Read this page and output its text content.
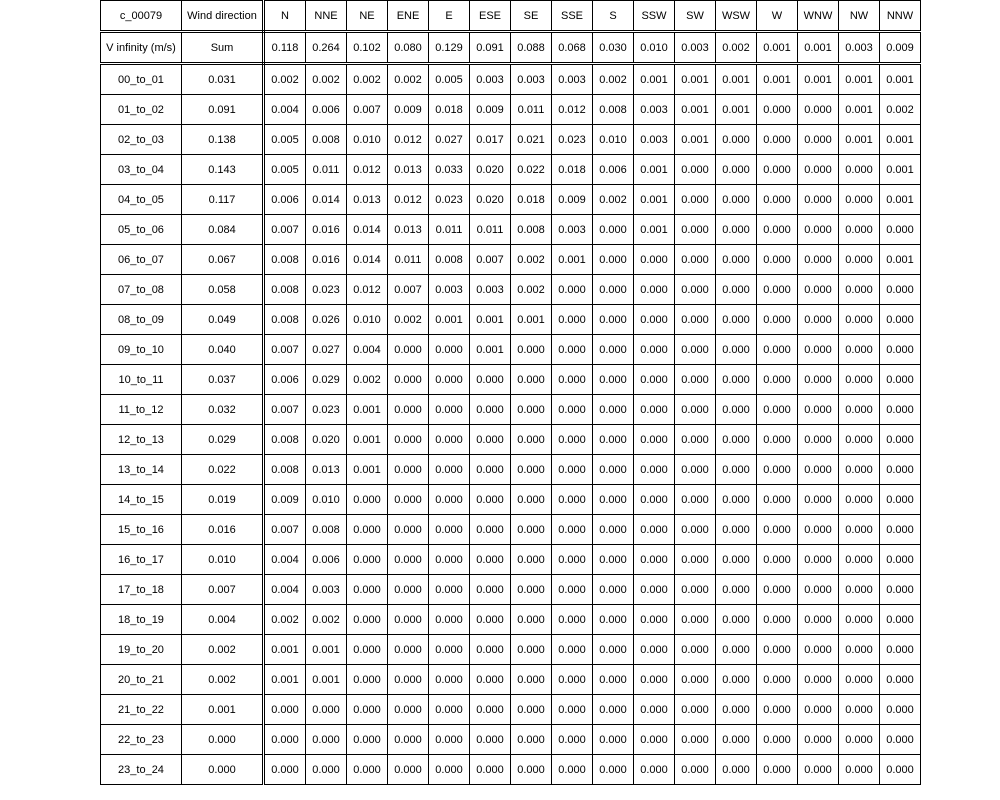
c_00079	Wind direction	N	NNE	NE	ENE	E	ESE	SE	SSE	S	SSW	SW	WSW	W	WNW	NW	NNW
V infinity (m/s)	Sum	0.118	0.264	0.102	0.080	0.129	0.091	0.088	0.068	0.030	0.010	0.003	0.002	0.001	0.001	0.003	0.009
00_to_01	0.031	0.002	0.002	0.002	0.002	0.005	0.003	0.003	0.003	0.002	0.001	0.001	0.001	0.001	0.001	0.001	0.001
01_to_02	0.091	0.004	0.006	0.007	0.009	0.018	0.009	0.011	0.012	0.008	0.003	0.001	0.001	0.000	0.000	0.001	0.002
02_to_03	0.138	0.005	0.008	0.010	0.012	0.027	0.017	0.021	0.023	0.010	0.003	0.001	0.000	0.000	0.000	0.001	0.001
03_to_04	0.143	0.005	0.011	0.012	0.013	0.033	0.020	0.022	0.018	0.006	0.001	0.000	0.000	0.000	0.000	0.000	0.001
04_to_05	0.117	0.006	0.014	0.013	0.012	0.023	0.020	0.018	0.009	0.002	0.001	0.000	0.000	0.000	0.000	0.000	0.001
05_to_06	0.084	0.007	0.016	0.014	0.013	0.011	0.011	0.008	0.003	0.000	0.001	0.000	0.000	0.000	0.000	0.000	0.000
06_to_07	0.067	0.008	0.016	0.014	0.011	0.008	0.007	0.002	0.001	0.000	0.000	0.000	0.000	0.000	0.000	0.000	0.001
07_to_08	0.058	0.008	0.023	0.012	0.007	0.003	0.003	0.002	0.000	0.000	0.000	0.000	0.000	0.000	0.000	0.000	0.000
08_to_09	0.049	0.008	0.026	0.010	0.002	0.001	0.001	0.001	0.000	0.000	0.000	0.000	0.000	0.000	0.000	0.000	0.000
09_to_10	0.040	0.007	0.027	0.004	0.000	0.000	0.001	0.000	0.000	0.000	0.000	0.000	0.000	0.000	0.000	0.000	0.000
10_to_11	0.037	0.006	0.029	0.002	0.000	0.000	0.000	0.000	0.000	0.000	0.000	0.000	0.000	0.000	0.000	0.000	0.000
11_to_12	0.032	0.007	0.023	0.001	0.000	0.000	0.000	0.000	0.000	0.000	0.000	0.000	0.000	0.000	0.000	0.000	0.000
12_to_13	0.029	0.008	0.020	0.001	0.000	0.000	0.000	0.000	0.000	0.000	0.000	0.000	0.000	0.000	0.000	0.000	0.000
13_to_14	0.022	0.008	0.013	0.001	0.000	0.000	0.000	0.000	0.000	0.000	0.000	0.000	0.000	0.000	0.000	0.000	0.000
14_to_15	0.019	0.009	0.010	0.000	0.000	0.000	0.000	0.000	0.000	0.000	0.000	0.000	0.000	0.000	0.000	0.000	0.000
15_to_16	0.016	0.007	0.008	0.000	0.000	0.000	0.000	0.000	0.000	0.000	0.000	0.000	0.000	0.000	0.000	0.000	0.000
16_to_17	0.010	0.004	0.006	0.000	0.000	0.000	0.000	0.000	0.000	0.000	0.000	0.000	0.000	0.000	0.000	0.000	0.000
17_to_18	0.007	0.004	0.003	0.000	0.000	0.000	0.000	0.000	0.000	0.000	0.000	0.000	0.000	0.000	0.000	0.000	0.000
18_to_19	0.004	0.002	0.002	0.000	0.000	0.000	0.000	0.000	0.000	0.000	0.000	0.000	0.000	0.000	0.000	0.000	0.000
19_to_20	0.002	0.001	0.001	0.000	0.000	0.000	0.000	0.000	0.000	0.000	0.000	0.000	0.000	0.000	0.000	0.000	0.000
20_to_21	0.002	0.001	0.001	0.000	0.000	0.000	0.000	0.000	0.000	0.000	0.000	0.000	0.000	0.000	0.000	0.000	0.000
21_to_22	0.001	0.000	0.000	0.000	0.000	0.000	0.000	0.000	0.000	0.000	0.000	0.000	0.000	0.000	0.000	0.000	0.000
22_to_23	0.000	0.000	0.000	0.000	0.000	0.000	0.000	0.000	0.000	0.000	0.000	0.000	0.000	0.000	0.000	0.000	0.000
23_to_24	0.000	0.000	0.000	0.000	0.000	0.000	0.000	0.000	0.000	0.000	0.000	0.000	0.000	0.000	0.000	0.000	0.000
